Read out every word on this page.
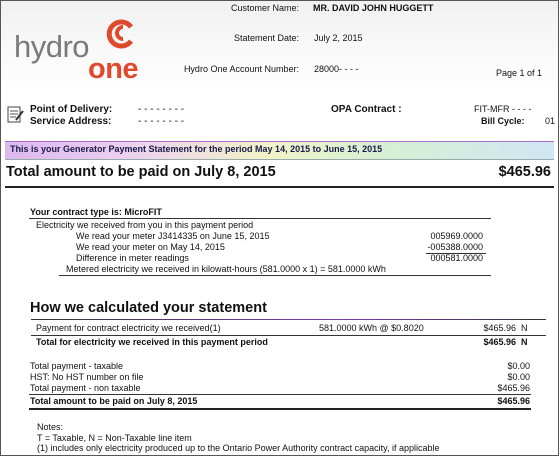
hydro
one
Customer Name: MR. DAVID JOHN HUGGETT
Statement Date: July 2, 2015
Hydro One Account Number: 28000- - - -	Page 1 of 1
Point of Delivery:	- - - - - - - -
Service Address:	- - - - - - - -
OPA Contract :	FIT-MFR - - - -
Bill Cycle: 01
This is your Generator Payment Statement for the period May 14, 2015 to June 15, 2015
Total amount to be paid on July 8, 2015	$465.96
Your contract type is: MicroFIT
Electricity we received from you in this payment period
We read your meter J3414335 on June 15, 2015	005969.0000
We read your meter on May 14, 2015	-005388.0000
Difference in meter readings	000581.0000
Metered electricity we received in kilowatt-hours (581.0000 x 1) = 581.0000 kWh
How we calculated your statement
Payment for contract electricity we received(1)	581.0000 kWh @ $0.8020	$465.96 N
Total for electricity we received in this payment period	$465.96 N
Total payment - taxable	$0.00
HST: No HST number on file	$0.00
Total payment - non taxable	$465.96
Total amount to be paid on July 8, 2015	$465.96
Notes:
T = Taxable, N = Non-Taxable line item
(1) includes only electricity produced up to the Ontario Power Authority contract capacity, if applicable
